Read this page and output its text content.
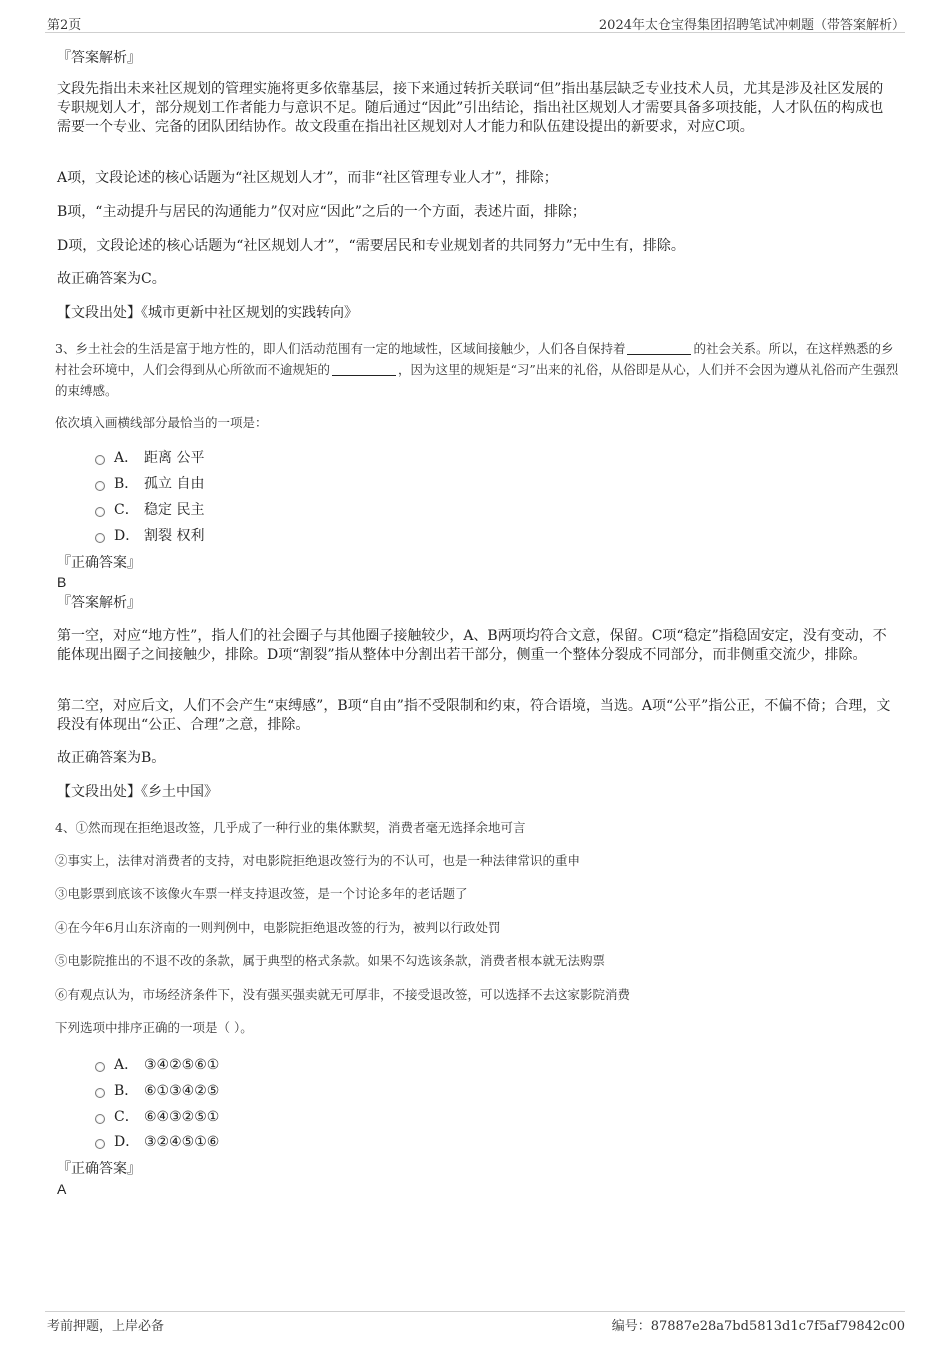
第2页	2024年太仓宝得集团招聘笔试冲刺题（带答案解析）
『答案解析』

文段先指出未来社区规划的管理实施将更多依靠基层，接下来通过转折关联词“但”指出基层缺乏专业技术人员，尤其是涉及社区发展的专职规划人才，部分规划工作者能力与意识不足。随后通过“因此”引出结论，指出社区规划人才需要具备多项技能，人才队伍的构成也需要一个专业、完备的团队团结协作。故文段重在指出社区规划对人才能力和队伍建设提出的新要求，对应C项。

A项，文段论述的核心话题为“社区规划人才”，而非“社区管理专业人才”，排除；

B项，“主动提升与居民的沟通能力”仅对应“因此”之后的一个方面，表述片面，排除；

D项，文段论述的核心话题为“社区规划人才”，“需要居民和专业规划者的共同努力”无中生有，排除。

故正确答案为C。

【文段出处】《城市更新中社区规划的实践转向》

3、乡土社会的生活是富于地方性的，即人们活动范围有一定的地域性，区域间接触少，人们各自保持着	的社会关系。所以，在这样熟悉的乡村社会环境中，人们会得到从心所欲而不逾规矩的	，因为这里的规矩是“习”出来的礼俗，从俗即是从心，人们并不会因为遵从礼俗而产生强烈的束缚感。

依次填入画横线部分最恰当的一项是：

A． 距离 公平
B． 孤立 自由
C． 稳定 民主
D． 割裂 权利
『正确答案』
B
『答案解析』

第一空，对应“地方性”，指人们的社会圈子与其他圈子接触较少，A、B两项均符合文意，保留。C项“稳定”指稳固安定，没有变动，不能体现出圈子之间接触少，排除。D项“割裂”指从整体中分割出若干部分，侧重一个整体分裂成不同部分，而非侧重交流少，排除。

第二空，对应后文，人们不会产生“束缚感”，B项“自由”指不受限制和约束，符合语境，当选。A项“公平”指公正，不偏不倚；合理，文段没有体现出“公正、合理”之意，排除。

故正确答案为B。

【文段出处】《乡土中国》

4、①然而现在拒绝退改签，几乎成了一种行业的集体默契，消费者毫无选择余地可言

②事实上，法律对消费者的支持，对电影院拒绝退改签行为的不认可，也是一种法律常识的重申

③电影票到底该不该像火车票一样支持退改签，是一个讨论多年的老话题了

④在今年6月山东济南的一则判例中，电影院拒绝退改签的行为，被判以行政处罚

⑤电影院推出的不退不改的条款，属于典型的格式条款。如果不勾选该条款，消费者根本就无法购票

⑥有观点认为，市场经济条件下，没有强买强卖就无可厚非，不接受退改签，可以选择不去这家影院消费

下列选项中排序正确的一项是（ ）。

A． ③④②⑤⑥①
B． ⑥①③④②⑤
C． ⑥④③②⑤①
D． ③②④⑤①⑥
『正确答案』
A
考前押题，上岸必备	编号：87887e28a7bd5813d1c7f5af79842c00
